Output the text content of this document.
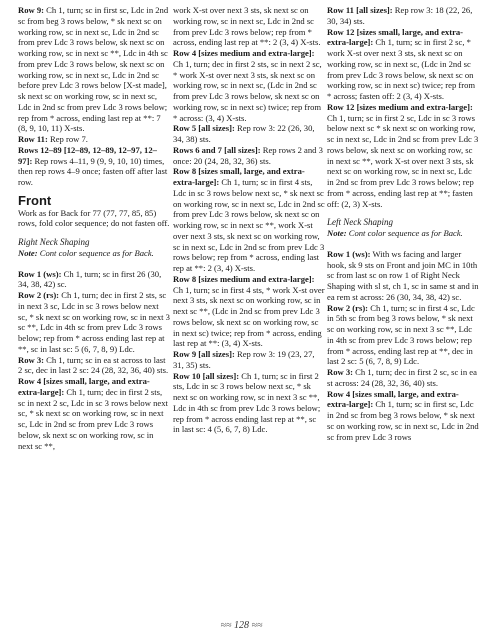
Row 9: Ch 1, turn; sc in first sc, Ldc in 2nd sc from beg 3 rows below, * sk next sc on working row, sc in next sc, Ldc in 2nd sc from prev Ldc 3 rows below, sk next sc on working row, sc in next sc **, Ldc in 4th sc from prev Ldc 3 rows below, sk next sc on working row, sc in next sc, Ldc in 2nd sc before prev Ldc 3 rows below [X-st made], sk next sc on working row, sc in next sc, Ldc in 2nd sc from prev Ldc 3 rows below; rep from * across, ending last rep at **: 7 (8, 9, 10, 11) X-sts.

Row 11: Rep row 7.

Rows 12–89 [12–89, 12–89, 12–97, 12–97]: Rep rows 4–11, 9 (9, 9, 10, 10) times, then rep rows 4–9 once; fasten off after last row.

Front

Work as for Back for 77 (77, 77, 85, 85) rows, fold color sequence; do not fasten off.

Right Neck Shaping

Note: Cont color sequence as for Back.

Row 1 (ws): Ch 1, turn; sc in first 26 (30, 34, 38, 42) sc.

Row 2 (rs): Ch 1, turn; dec in first 2 sts, sc in next 3 sc, Ldc in sc 3 rows below next sc, * sk next sc on working row, sc in next 3 sc **, Ldc in 4th sc from prev Ldc 3 rows below; rep from * across ending last rep at **, sc in last sc: 5 (6, 7, 8, 9) Ldc.

Row 3: Ch 1, turn; sc in ea st across to last 2 sc, dec in last 2 sc: 24 (28, 32, 36, 40) sts.

Row 4 [sizes small, large, and extra-extra-large]: Ch 1, turn; dec in first 2 sts, sc in next 2 sc, Ldc in sc 3 rows below next sc, * sk next sc on working row, sc in next sc, Ldc in 2nd sc from prev Ldc 3 rows below, sk next sc on working row, sc in next sc **,

work X-st over next 3 sts, sk next sc on working row, sc in next sc, Ldc in 2nd sc from prev Ldc 3 rows below; rep from * across, ending last rep at **: 2 (3, 4) X-sts.

Row 4 [sizes medium and extra-large]: Ch 1, turn; dec in first 2 sts, sc in next 2 sc, * work X-st over next 3 sts, sk next sc on working row, sc in next sc, (Ldc in 2nd sc from prev Ldc 3 rows below, sk next sc on working row, sc in next sc) twice; rep from * across: (3, 4) X-sts.

Row 5 [all sizes]: Rep row 3: 22 (26, 30, 34, 38) sts.

Rows 6 and 7 [all sizes]: Rep rows 2 and 3 once: 20 (24, 28, 32, 36) sts.

Row 8 [sizes small, large, and extra-extra-large]: Ch 1, turn; sc in first 4 sts, Ldc in sc 3 rows below next sc, * sk next sc on working row, sc in next sc, Ldc in 2nd sc from prev Ldc 3 rows below, sk next sc on working row, sc in next sc **, work X-st over next 3 sts, sk next sc on working row, sc in next sc, Ldc in 2nd sc from prev Ldc 3 rows below; rep from * across, ending last rep at **: 2 (3, 4) X-sts.

Row 8 [sizes medium and extra-large]: Ch 1, turn; sc in first 4 sts, * work X-st over next 3 sts, sk next sc on working row, sc in next sc **, (Ldc in 2nd sc from prev Ldc 3 rows below, sk next sc on working row, sc in next sc) twice; rep from * across, ending last rep at **: (3, 4) X-sts.

Row 9 [all sizes]: Rep row 3: 19 (23, 27, 31, 35) sts.

Row 10 [all sizes]: Ch 1, turn; sc in first 2 sts, Ldc in sc 3 rows below next sc, * sk next sc on working row, sc in next 3 sc **, Ldc in 4th sc from prev Ldc 3 rows below; rep from * across ending last rep at **, sc in last sc: 4 (5, 6, 7, 8) Ldc.

Row 11 [all sizes]: Rep row 3: 18 (22, 26, 30, 34) sts.

Row 12 [sizes small, large, and extra-extra-large]: Ch 1, turn; sc in first 2 sc, * work X-st over next 3 sts, sk next sc on working row, sc in next sc, (Ldc in 2nd sc from prev Ldc 3 rows below, sk next sc on working row, sc in next sc) twice; rep from * across; fasten off: 2 (3, 4) X-sts.

Row 12 [sizes medium and extra-large]: Ch 1, turn; sc in first 2 sc, Ldc in sc 3 rows below next sc * sk next sc on working row, sc in next sc, Ldc in 2nd sc from prev Ldc 3 rows below, sk next sc on working row, sc in next sc **, work X-st over next 3 sts, sk next sc on working row, sc in next sc, Ldc in 2nd sc from prev Ldc 3 rows below; rep from * across, ending last rep at **; fasten off: (2, 3) X-sts.

Left Neck Shaping

Note: Cont color sequence as for Back.

Row 1 (ws): With ws facing and larger hook, sk 9 sts on Front and join MC in 10th sc from last sc on row 1 of Right Neck Shaping with sl st, ch 1, sc in same st and in ea rem st across: 26 (30, 34, 38, 42) sc.

Row 2 (rs): Ch 1, turn; sc in first 4 sc, Ldc in 5th sc from beg 3 rows below, * sk next sc on working row, sc in next 3 sc **, Ldc in 4th sc from prev Ldc 3 rows below; rep from * across, ending last rep at **, dec in last 2 sc: 5 (6, 7, 8, 9) Ldc.

Row 3: Ch 1, turn; dec in first 2 sc, sc in ea st across: 24 (28, 32, 36, 40) sts.

Row 4 [sizes small, large, and extra-extra-large]: Ch 1, turn; sc in first sc, Ldc in 2nd sc from beg 3 rows below, * sk next sc on working row, sc in next sc, Ldc in 2nd sc from prev Ldc 3 rows

≈≈ 128 ≈≈
